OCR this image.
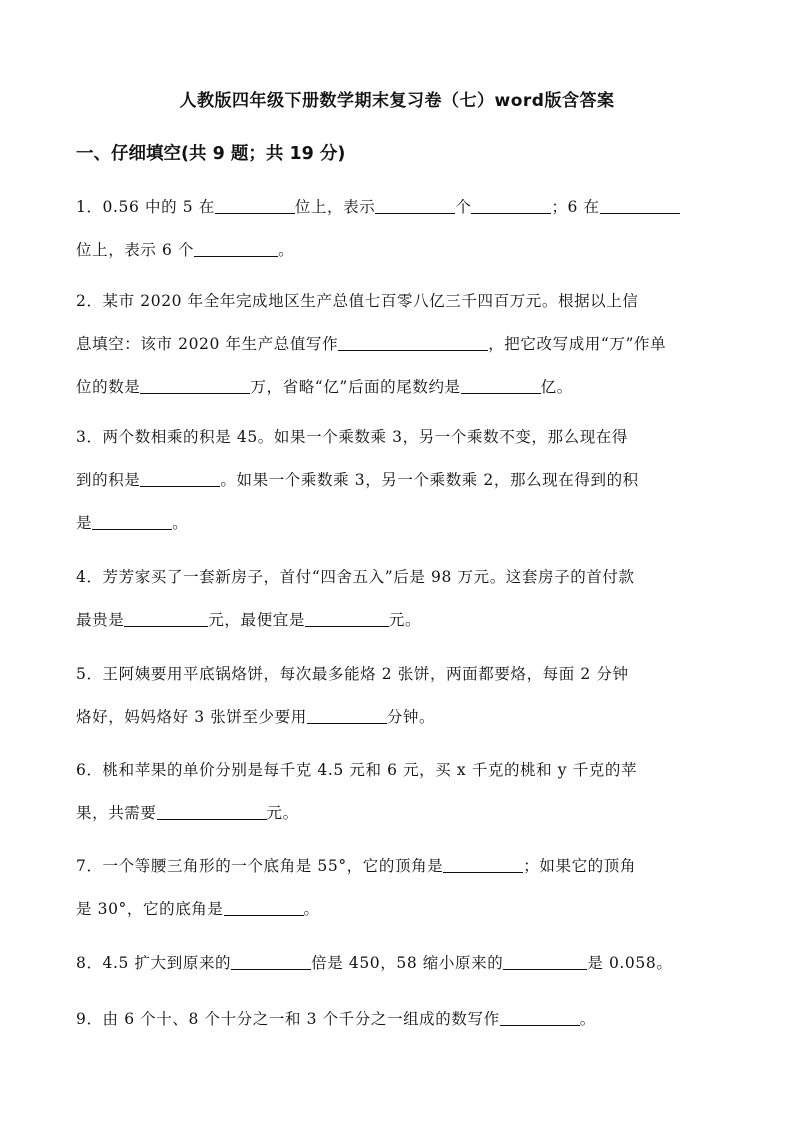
人教版四年级下册数学期末复习卷（七）word版含答案
一、仔细填空(共 9 题；共 19 分)

1．0.56 中的 5 在	位上，表示	个	；6 在

位上，表示 6 个	。

2．某市 2020 年全年完成地区生产总值七百零八亿三千四百万元。根据以上信

息填空：该市 2020 年生产总值写作	，把它改写成用“万”作单

位的数是	万，省略“亿”后面的尾数约是	亿。

3．两个数相乘的积是 45。如果一个乘数乘 3，另一个乘数不变，那么现在得

到的积是	。如果一个乘数乘 3，另一个乘数乘 2，那么现在得到的积

是	。

4．芳芳家买了一套新房子，首付“四舍五入”后是 98 万元。这套房子的首付款

最贵是	元，最便宜是	元。

5．王阿姨要用平底锅烙饼，每次最多能烙 2 张饼，两面都要烙，每面 2 分钟

烙好，妈妈烙好 3 张饼至少要用	分钟。

6．桃和苹果的单价分别是每千克 4.5 元和 6 元，买 x 千克的桃和 y 千克的苹

果，共需要	元。

7．一个等腰三角形的一个底角是 55°，它的顶角是	；如果它的顶角

是 30°，它的底角是	。

8．4.5 扩大到原来的	倍是 450，58 缩小原来的	是 0.058。

9．由 6 个十、8 个十分之一和 3 个千分之一组成的数写作	。
